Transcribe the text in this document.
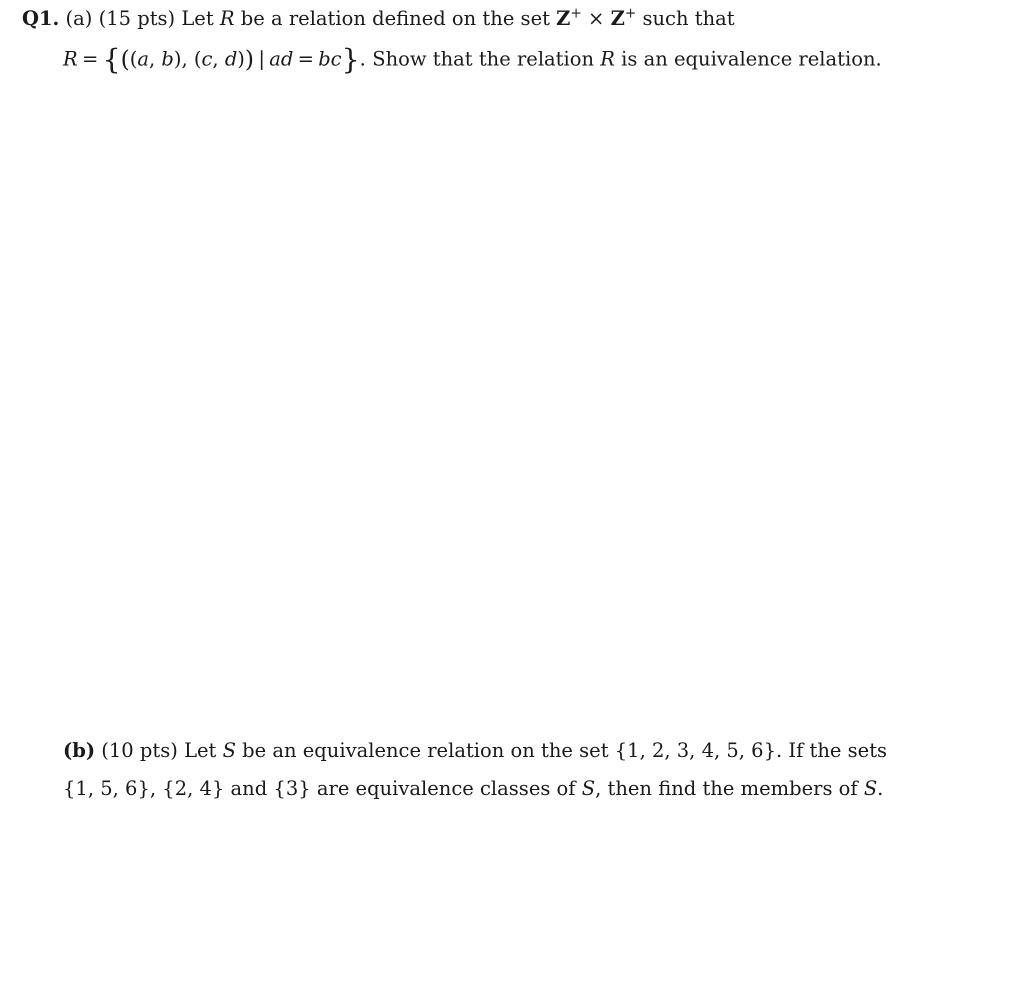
Q1. (a) (15 pts) Let R be a relation defined on the set Z+ × Z+ such that
R = {((a, b), (c, d)) | ad = bc}. Show that the relation R is an equivalence relation.
(b) (10 pts) Let S be an equivalence relation on the set {1, 2, 3, 4, 5, 6}. If the sets
{1, 5, 6}, {2, 4} and {3} are equivalence classes of S, then find the members of S.
